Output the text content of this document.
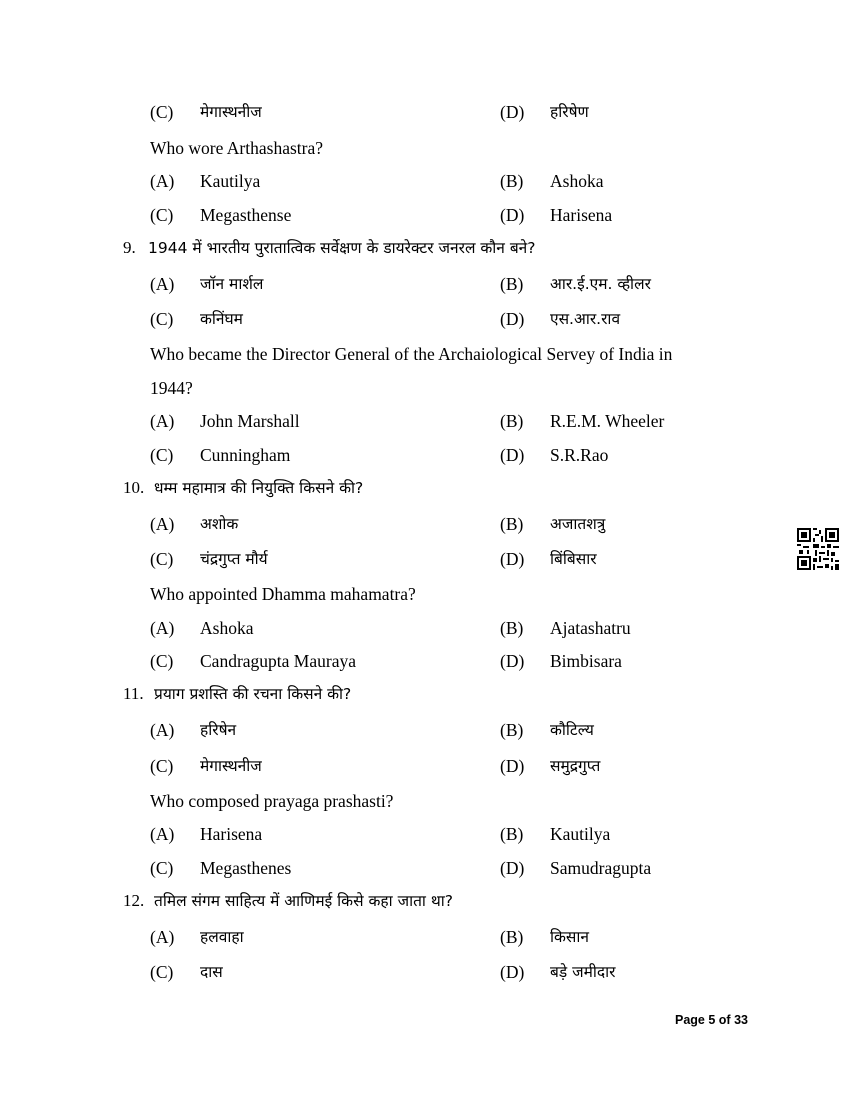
(C) मेगास्थनीज	(D) हरिषेण
Who wore Arthashastra?
(A) Kautilya	(B) Ashoka
(C) Megasthense	(D) Harisena
9. 1944 में भारतीय पुरातात्विक सर्वेक्षण के डायरेक्टर जनरल कौन बने?
(A) जॉन मार्शल	(B) आर.ई.एम. व्हीलर
(C) कनिंघम	(D) एस.आर.राव
Who became the Director General of the Archaiological Servey of India in
1944?
(A) John Marshall	(B) R.E.M. Wheeler
(C) Cunningham	(D) S.R.Rao
10. धम्म महामात्र की नियुक्ति किसने की?
(A) अशोक	(B) अजातशत्रु
(C) चंद्रगुप्त मौर्य	(D) बिंबिसार
Who appointed Dhamma mahamatra?
(A) Ashoka	(B) Ajatashatru
(C) Candragupta Mauraya	(D) Bimbisara
11. प्रयाग प्रशस्ति की रचना किसने की?
(A) हरिषेन	(B) कौटिल्य
(C) मेगास्थनीज	(D) समुद्रगुप्त
Who composed prayaga prashasti?
(A) Harisena	(B) Kautilya
(C) Megasthenes	(D) Samudragupta
12. तमिल संगम साहित्य में आणिमई किसे कहा जाता था?
(A) हलवाहा	(B) किसान
(C) दास	(D) बड़े जमीदार
Page 5 of 33
